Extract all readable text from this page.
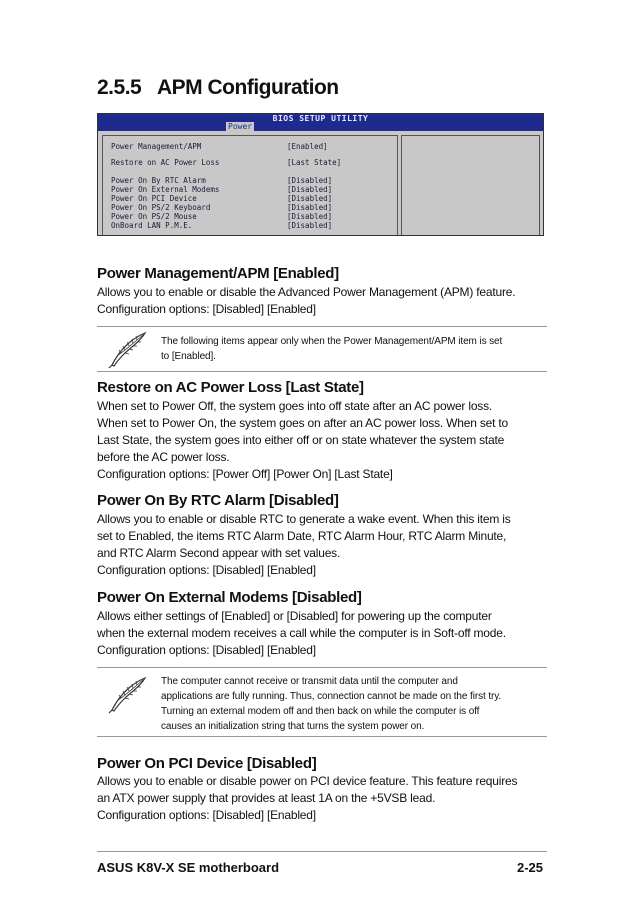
2.5.5 APM Configuration
BIOS SETUP UTILITY
Power
Power Management/APM	[Enabled]
Restore on AC Power Loss	[Last State]
Power On By RTC Alarm	[Disabled]
Power On External Modems	[Disabled]
Power On PCI Device	[Disabled]
Power On PS/2 Keyboard	[Disabled]
Power On PS/2 Mouse	[Disabled]
OnBoard LAN P.M.E.	[Disabled]
Power Management/APM [Enabled]
Allows you to enable or disable the Advanced Power Management (APM) feature.
Configuration options: [Disabled] [Enabled]
The following items appear only when the Power Management/APM item is set
to [Enabled].
Restore on AC Power Loss [Last State]
When set to Power Off, the system goes into off state after an AC power loss.
When set to Power On, the system goes on after an AC power loss. When set to
Last State, the system goes into either off or on state whatever the system state
before the AC power loss.
Configuration options: [Power Off] [Power On] [Last State]
Power On By RTC Alarm [Disabled]
Allows you to enable or disable RTC to generate a wake event. When this item is
set to Enabled, the items RTC Alarm Date, RTC Alarm Hour, RTC Alarm Minute,
and RTC Alarm Second appear with set values.
Configuration options: [Disabled] [Enabled]
Power On External Modems [Disabled]
Allows either settings of [Enabled] or [Disabled] for powering up the computer
when the external modem receives a call while the computer is in Soft-off mode.
Configuration options: [Disabled] [Enabled]
The computer cannot receive or transmit data until the computer and
applications are fully running. Thus, connection cannot be made on the first try.
Turning an external modem off and then back on while the computer is off
causes an initialization string that turns the system power on.
Power On PCI Device [Disabled]
Allows you to enable or disable power on PCI device feature. This feature requires
an ATX power supply that provides at least 1A on the +5VSB lead.
Configuration options: [Disabled] [Enabled]
ASUS K8V-X SE motherboard	2-25
